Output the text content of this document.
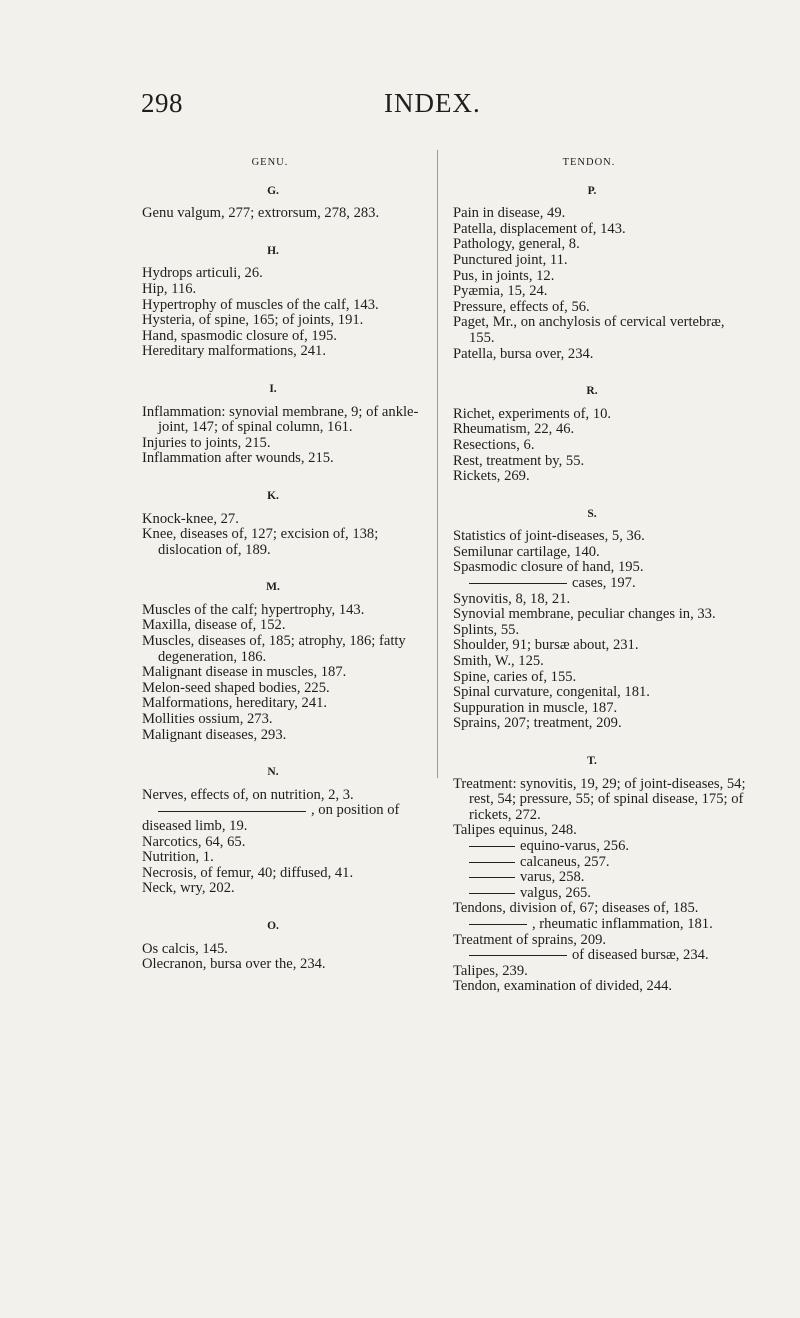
298	INDEX.
GENU.
G.

Genu valgum, 277; extrorsum, 278, 283.

H.

Hydrops articuli, 26.

Hip, 116.

Hypertrophy of muscles of the calf, 143.

Hysteria, of spine, 165; of joints, 191.

Hand, spasmodic closure of, 195.

Hereditary malformations, 241.

I.

Inflammation: synovial membrane, 9; of ankle-joint, 147; of spinal column, 161.

Injuries to joints, 215.

Inflammation after wounds, 215.

K.

Knock-knee, 27.

Knee, diseases of, 127; excision of, 138; dislocation of, 189.

M.

Muscles of the calf; hypertrophy, 143.

Maxilla, disease of, 152.

Muscles, diseases of, 185; atrophy, 186; fatty degeneration, 186.

Malignant disease in muscles, 187.

Melon-seed shaped bodies, 225.

Malformations, hereditary, 241.

Mollities ossium, 273.

Malignant diseases, 293.

N.

Nerves, effects of, on nutrition, 2, 3.

, on position of diseased limb, 19.

Narcotics, 64, 65.

Nutrition, 1.

Necrosis, of femur, 40; diffused, 41.

Neck, wry, 202.

O.

Os calcis, 145.

Olecranon, bursa over the, 234.

TENDON.
P.

Pain in disease, 49.

Patella, displacement of, 143.

Pathology, general, 8.

Punctured joint, 11.

Pus, in joints, 12.

Pyæmia, 15, 24.

Pressure, effects of, 56.

Paget, Mr., on anchylosis of cervical vertebræ, 155.

Patella, bursa over, 234.

R.

Richet, experiments of, 10.

Rheumatism, 22, 46.

Resections, 6.

Rest, treatment by, 55.

Rickets, 269.

S.

Statistics of joint-diseases, 5, 36.

Semilunar cartilage, 140.

Spasmodic closure of hand, 195.

cases, 197.

Synovitis, 8, 18, 21.

Synovial membrane, peculiar changes in, 33.

Splints, 55.

Shoulder, 91; bursæ about, 231.

Smith, W., 125.

Spine, caries of, 155.

Spinal curvature, congenital, 181.

Suppuration in muscle, 187.

Sprains, 207; treatment, 209.

T.

Treatment: synovitis, 19, 29; of joint-diseases, 54; rest, 54; pressure, 55; of spinal disease, 175; of rickets, 272.

Talipes equinus, 248.

equino-varus, 256.

calcaneus, 257.

varus, 258.

valgus, 265.

Tendons, division of, 67; diseases of, 185.

, rheumatic inflammation, 181.

Treatment of sprains, 209.

of diseased bursæ, 234.

Talipes, 239.

Tendon, examination of divided, 244.
